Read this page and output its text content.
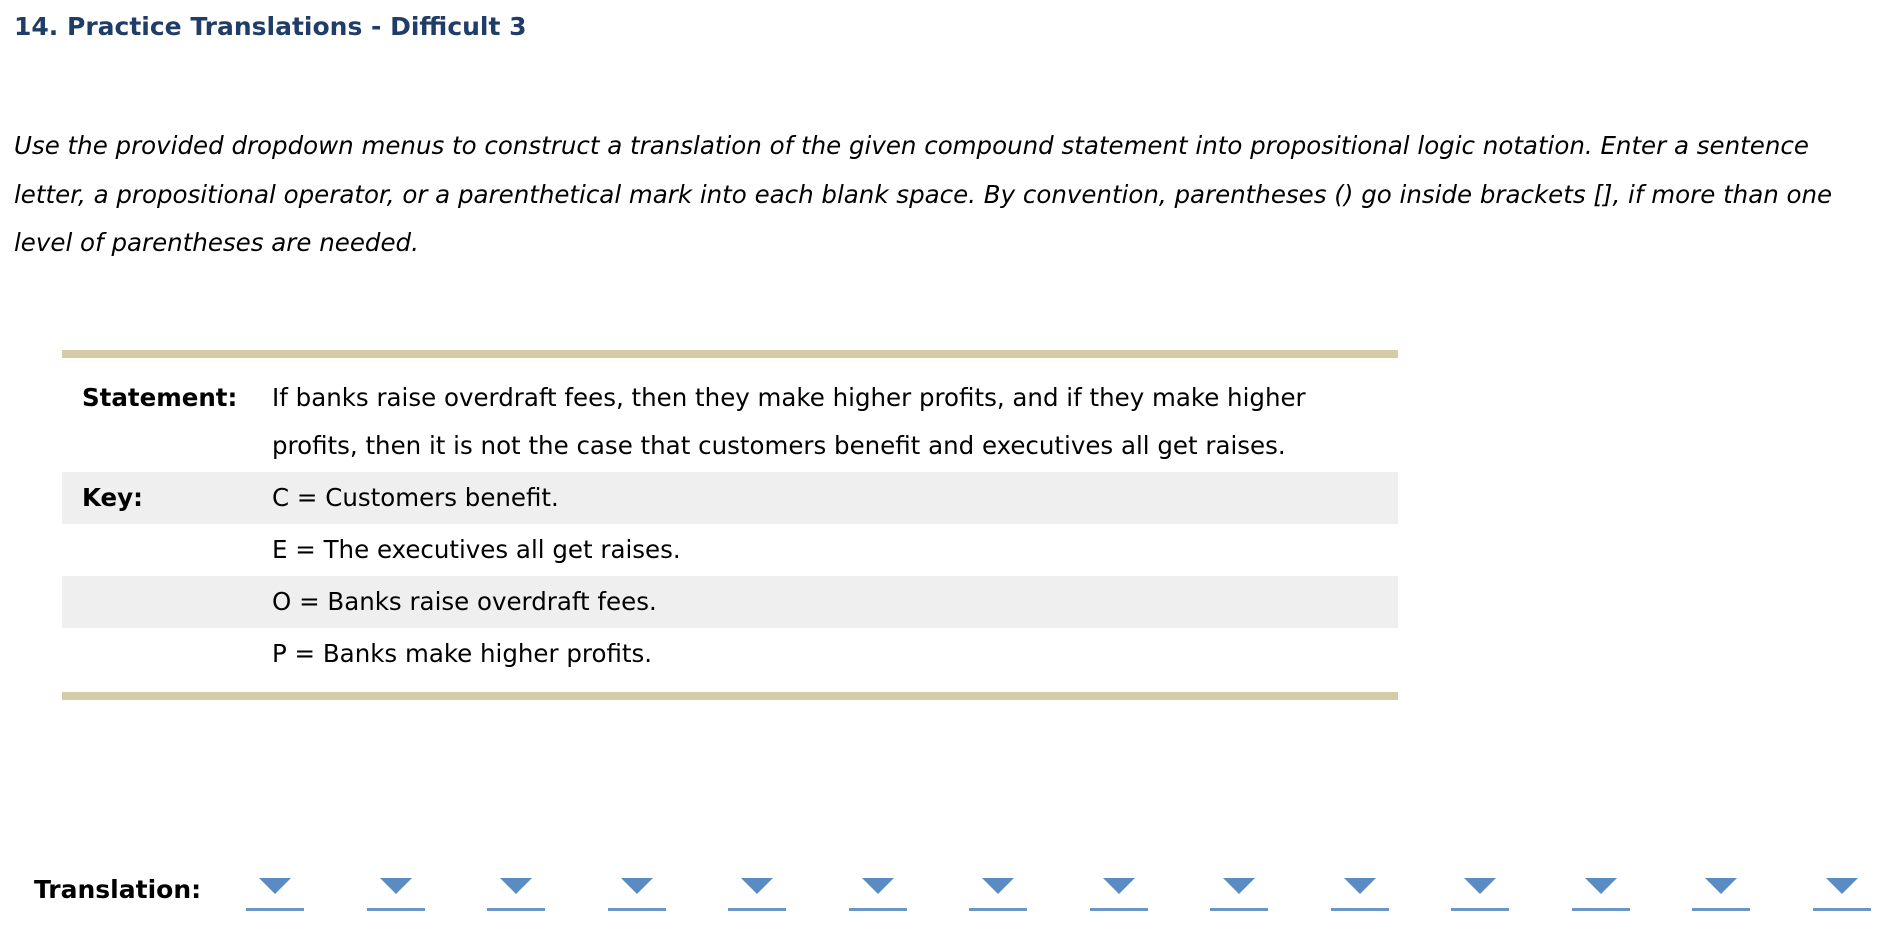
14. Practice Translations - Difficult 3

Use the provided dropdown menus to construct a translation of the given compound statement into propositional logic notation. Enter a sentence letter, a propositional operator, or a parenthetical mark into each blank space. By convention, parentheses () go inside brackets [], if more than one level of parentheses are needed.

Statement:	If banks raise overdraft fees, then they make higher profits, and if they make higher profits, then it is not the case that customers benefit and executives all get raises.
Key:	C = Customers benefit.
E = The executives all get raises.
O = Banks raise overdraft fees.
P = Banks make higher profits.
Translation:
